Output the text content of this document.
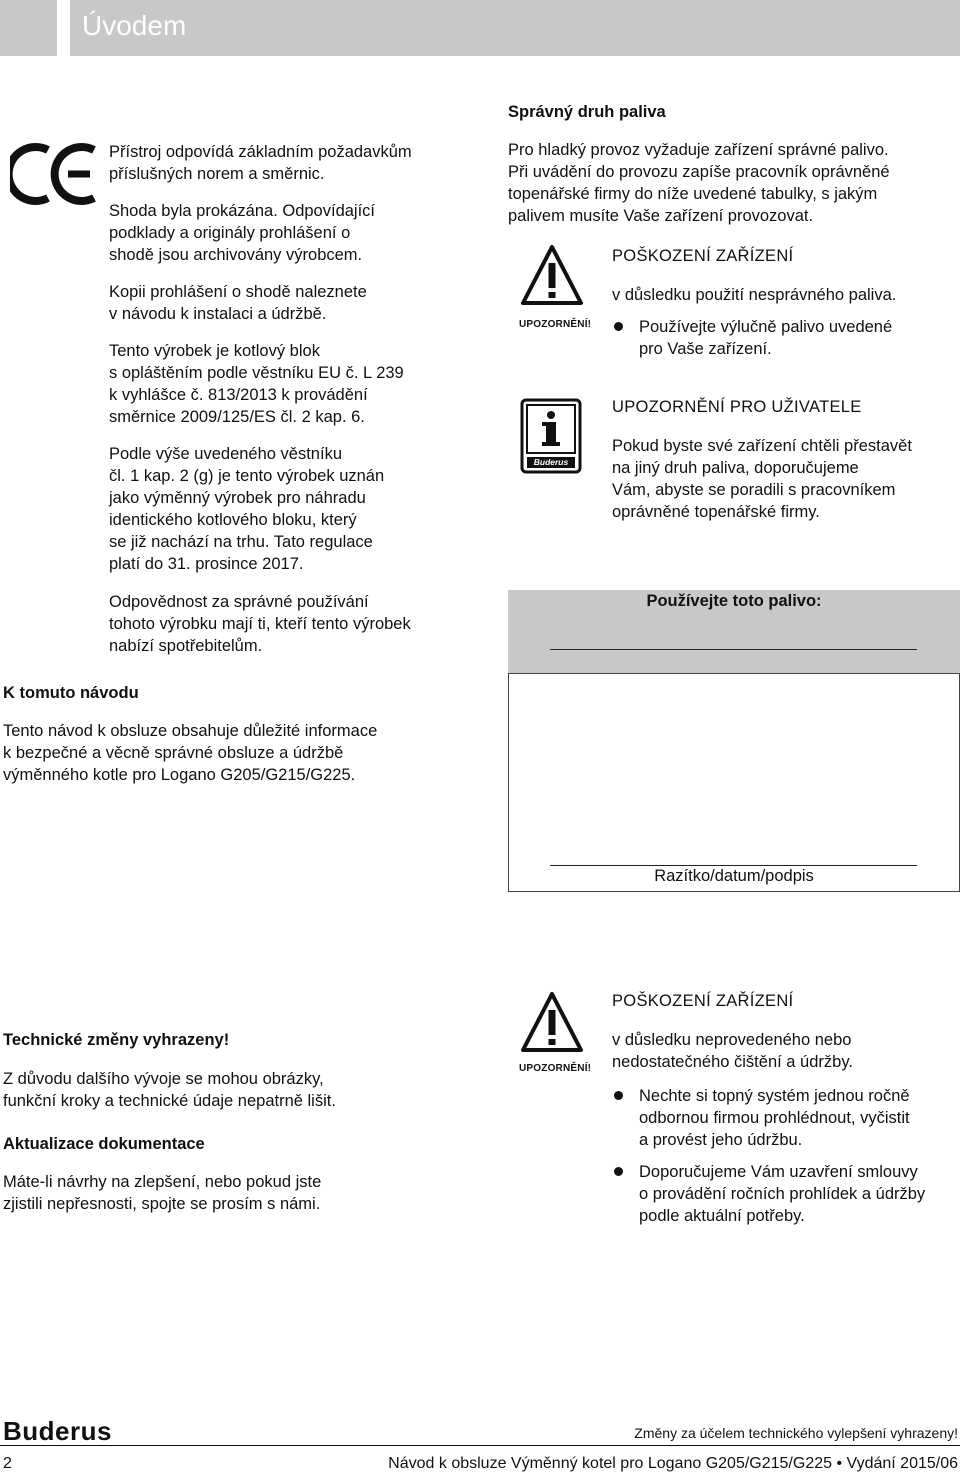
Úvodem
Přístroj odpovídá základním požadavkům
příslušných norem a směrnic.
Shoda byla prokázána. Odpovídající
podklady a originály prohlášení o
shodě jsou archivovány výrobcem.
Kopii prohlášení o shodě naleznete
v návodu k instalaci a údržbě.
Tento výrobek je kotlový blok
s opláštěním podle věstníku EU č. L 239
k vyhlášce č. 813/2013 k provádění
směrnice 2009/125/ES čl. 2 kap. 6.
Podle výše uvedeného věstníku
čl. 1 kap. 2 (g) je tento výrobek uznán
jako výměnný výrobek pro náhradu
identického kotlového bloku, který
se již nachází na trhu. Tato regulace
platí do 31. prosince 2017.
Odpovědnost za správné používání
tohoto výrobku mají ti, kteří tento výrobek
nabízí spotřebitelům.
K tomuto návodu
Tento návod k obsluze obsahuje důležité informace
k bezpečné a věcně správné obsluze a údržbě
výměnného kotle pro Logano G205/G215/G225.
Technické změny vyhrazeny!
Z důvodu dalšího vývoje se mohou obrázky,
funkční kroky a technické údaje nepatrně lišit.
Aktualizace dokumentace
Máte-li návrhy na zlepšení, nebo pokud jste
zjistili nepřesnosti, spojte se prosím s námi.
Správný druh paliva
Pro hladký provoz vyžaduje zařízení správné palivo.
Při uvádění do provozu zapíše pracovník oprávněné
topenářské firmy do níže uvedené tabulky, s jakým
palivem musíte Vaše zařízení provozovat.
UPOZORNĚNÍ!
POŠKOZENÍ ZAŘÍZENÍ
v důsledku použití nesprávného paliva.
Používejte výlučně palivo uvedené
pro Vaše zařízení.
Buderus
UPOZORNĚNÍ PRO UŽIVATELE
Pokud byste své zařízení chtěli přestavět
na jiný druh paliva, doporučujeme
Vám, abyste se poradili s pracovníkem
oprávněné topenářské firmy.
Používejte toto palivo:
Razítko/datum/podpis
UPOZORNĚNÍ!
POŠKOZENÍ ZAŘÍZENÍ
v důsledku neprovedeného nebo
nedostatečného čištění a údržby.
Nechte si topný systém jednou ročně
odbornou firmou prohlédnout, vyčistit
a provést jeho údržbu.
Doporučujeme Vám uzavření smlouvy
o provádění ročních prohlídek a údržby
podle aktuální potřeby.
Buderus	Změny za účelem technického vylepšení vyhrazeny!
2	Návod k obsluze Výměnný kotel pro Logano G205/G215/G225 • Vydání 2015/06
